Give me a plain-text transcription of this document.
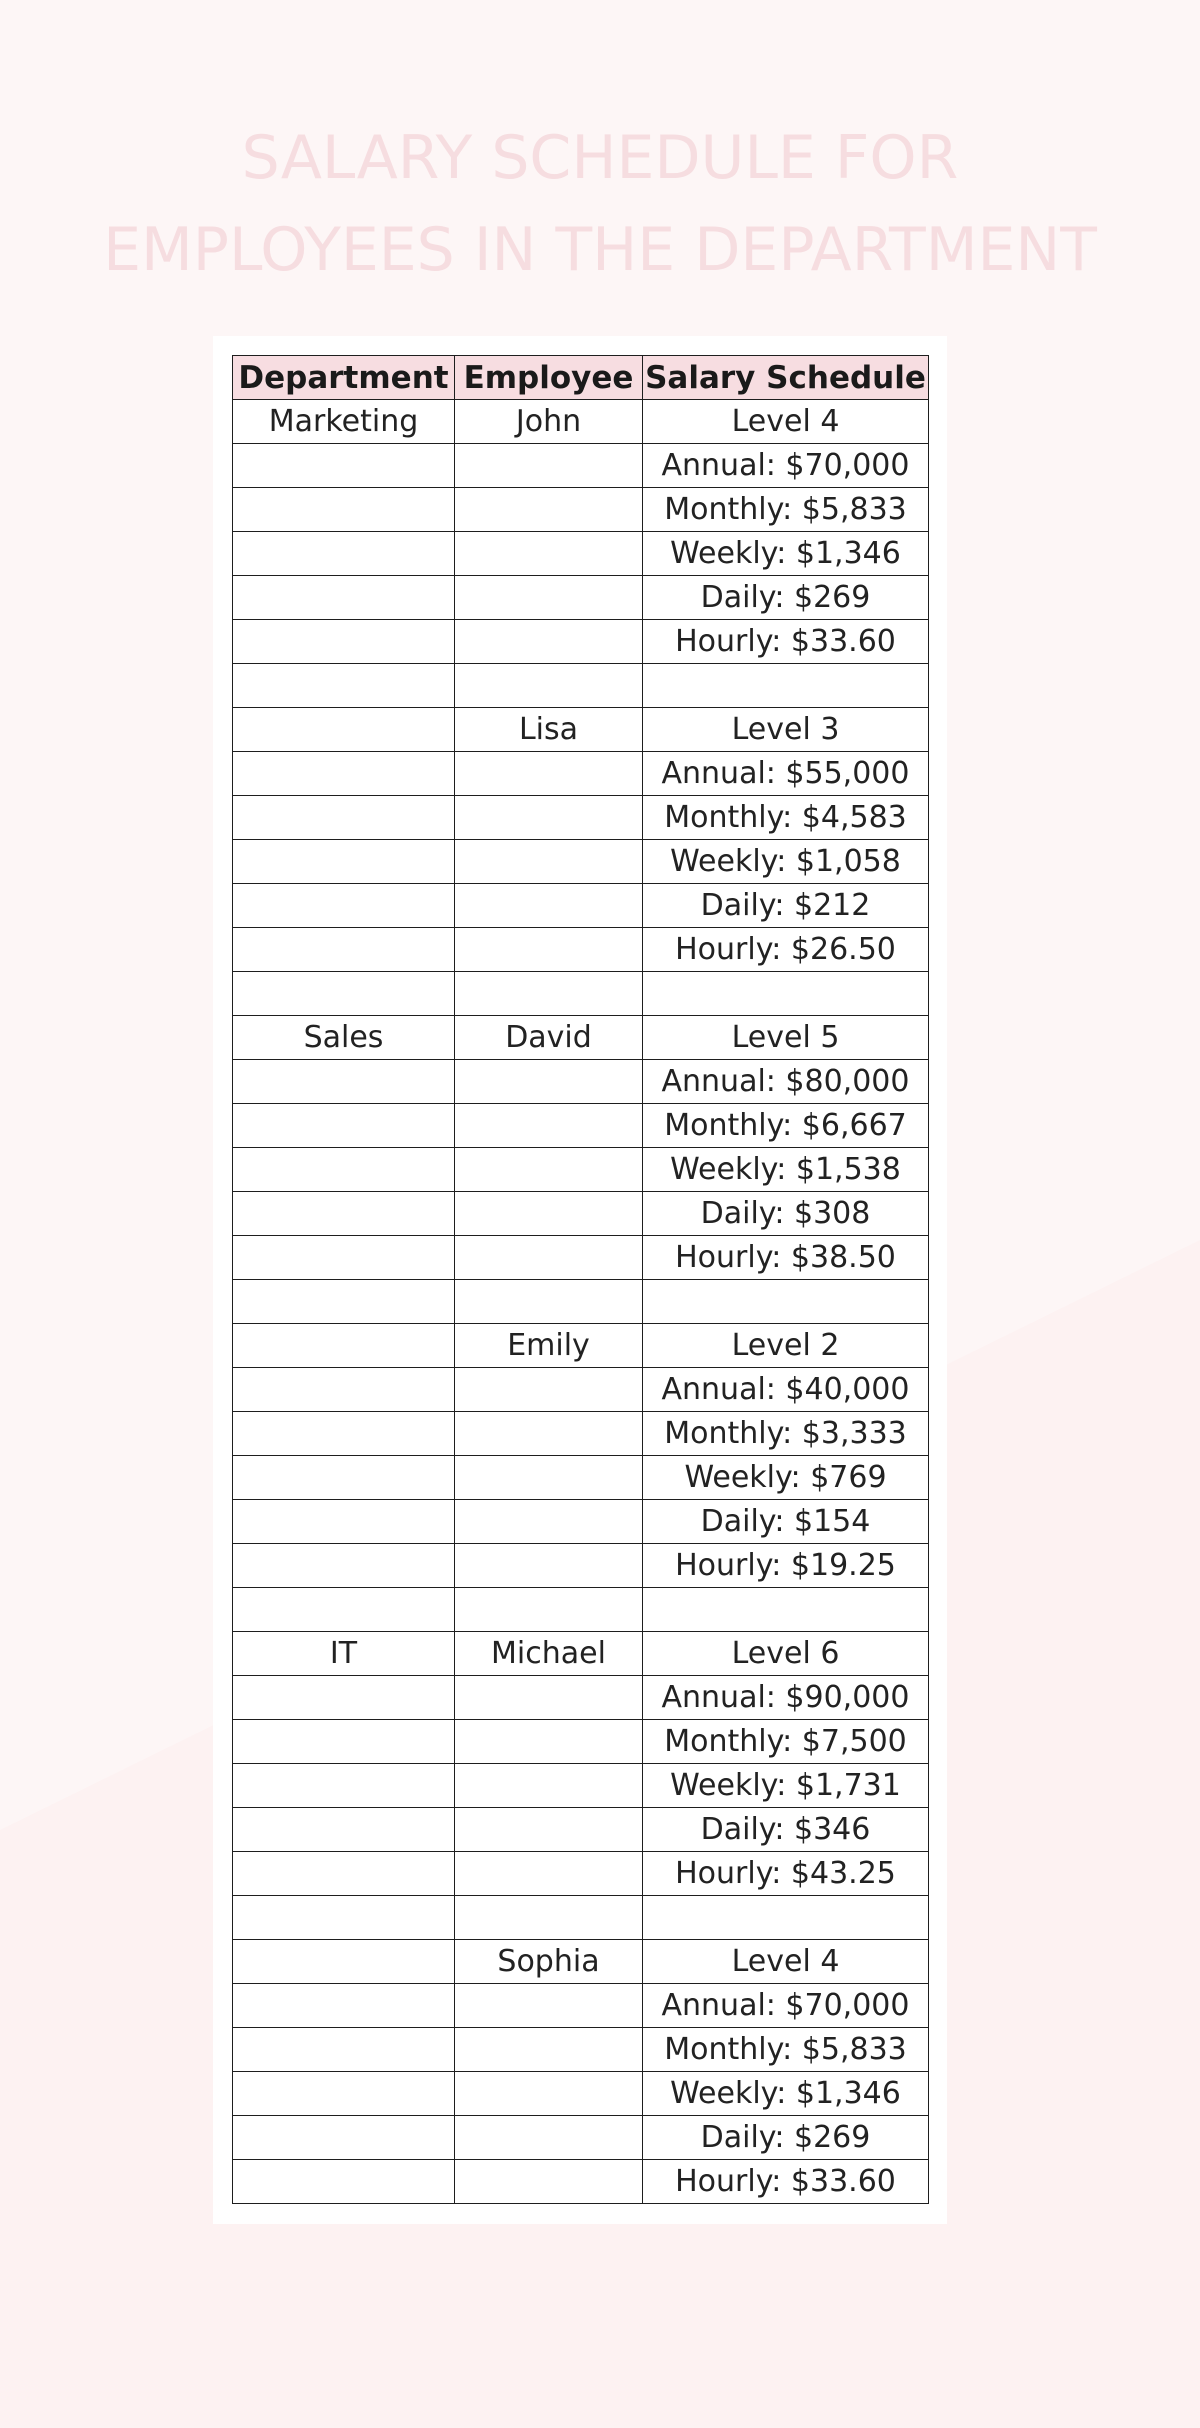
SALARY SCHEDULE FOR
EMPLOYEES IN THE DEPARTMENT
Department	Employee	Salary Schedule
Marketing	John	Level 4
		Annual: $70,000
		Monthly: $5,833
		Weekly: $1,346
		Daily: $269
		Hourly: $33.60

	Lisa	Level 3
		Annual: $55,000
		Monthly: $4,583
		Weekly: $1,058
		Daily: $212
		Hourly: $26.50

Sales	David	Level 5
		Annual: $80,000
		Monthly: $6,667
		Weekly: $1,538
		Daily: $308
		Hourly: $38.50

	Emily	Level 2
		Annual: $40,000
		Monthly: $3,333
		Weekly: $769
		Daily: $154
		Hourly: $19.25

IT	Michael	Level 6
		Annual: $90,000
		Monthly: $7,500
		Weekly: $1,731
		Daily: $346
		Hourly: $43.25

	Sophia	Level 4
		Annual: $70,000
		Monthly: $5,833
		Weekly: $1,346
		Daily: $269
		Hourly: $33.60
